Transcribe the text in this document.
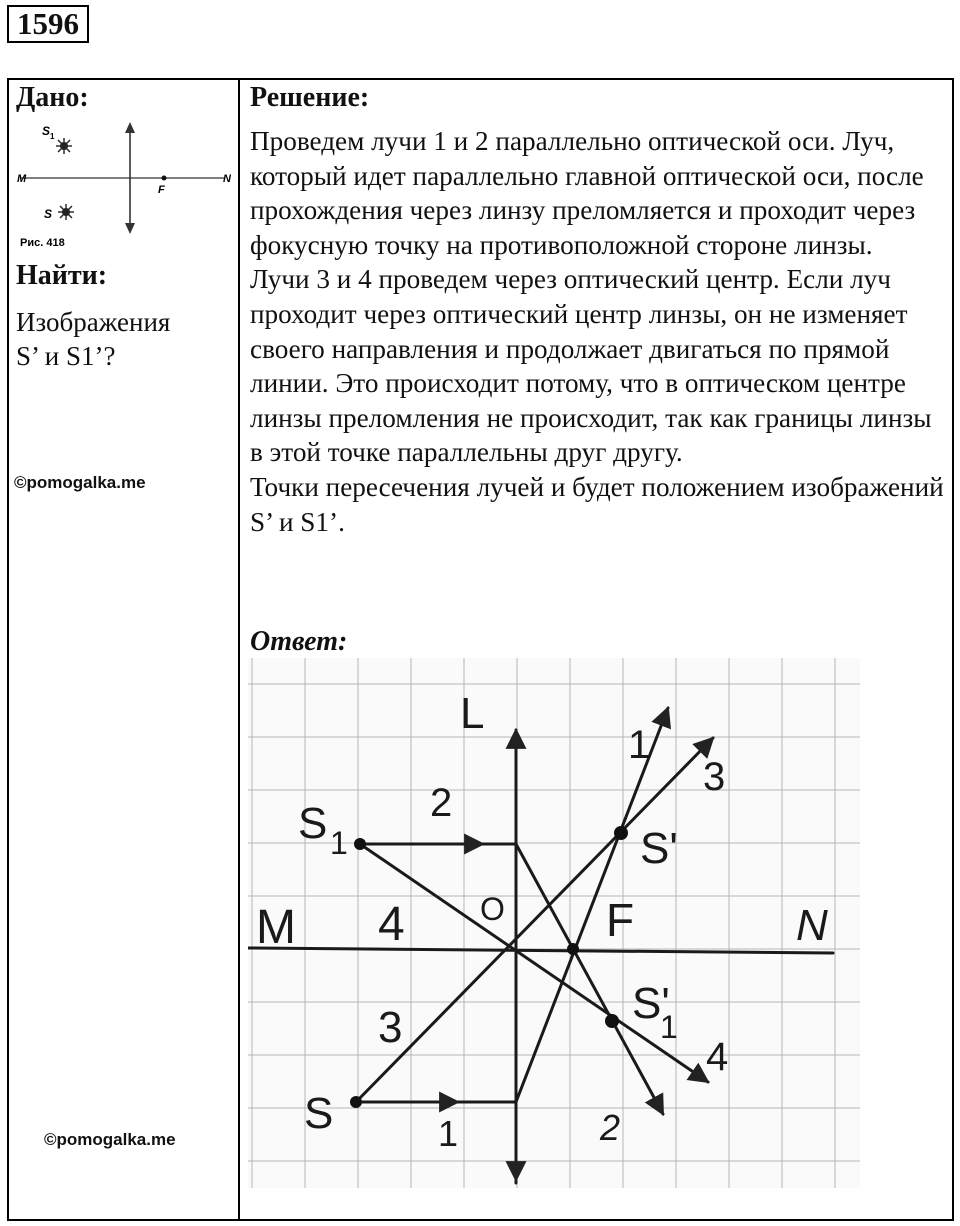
1596
Дано:
S 1
S
M	N
F
Рис. 418
Найти:
Изображения
S’ и S1’?
©pomogalka.me
©pomogalka.me
Решение:

Проведем лучи 1 и 2 параллельно оптической оси. Луч, который идет параллельно главной оптической оси, после прохождения через линзу преломляется и проходит через фокусную точку на противоположной стороне линзы.

Лучи 3 и 4 проведем через оптический центр. Если луч проходит через оптический центр линзы, он не изменяет своего направления и продолжает двигаться по прямой линии. Это происходит потому, что в оптическом центре линзы преломления не происходит, так как границы линзы в этой точке параллельны друг другу.

Точки пересечения лучей и будет положением изображений S’ и S1’.

Ответ:
L
S 1
S
M	N
O F
S'
S'
1
2
2
1
1
3
3
4
4
